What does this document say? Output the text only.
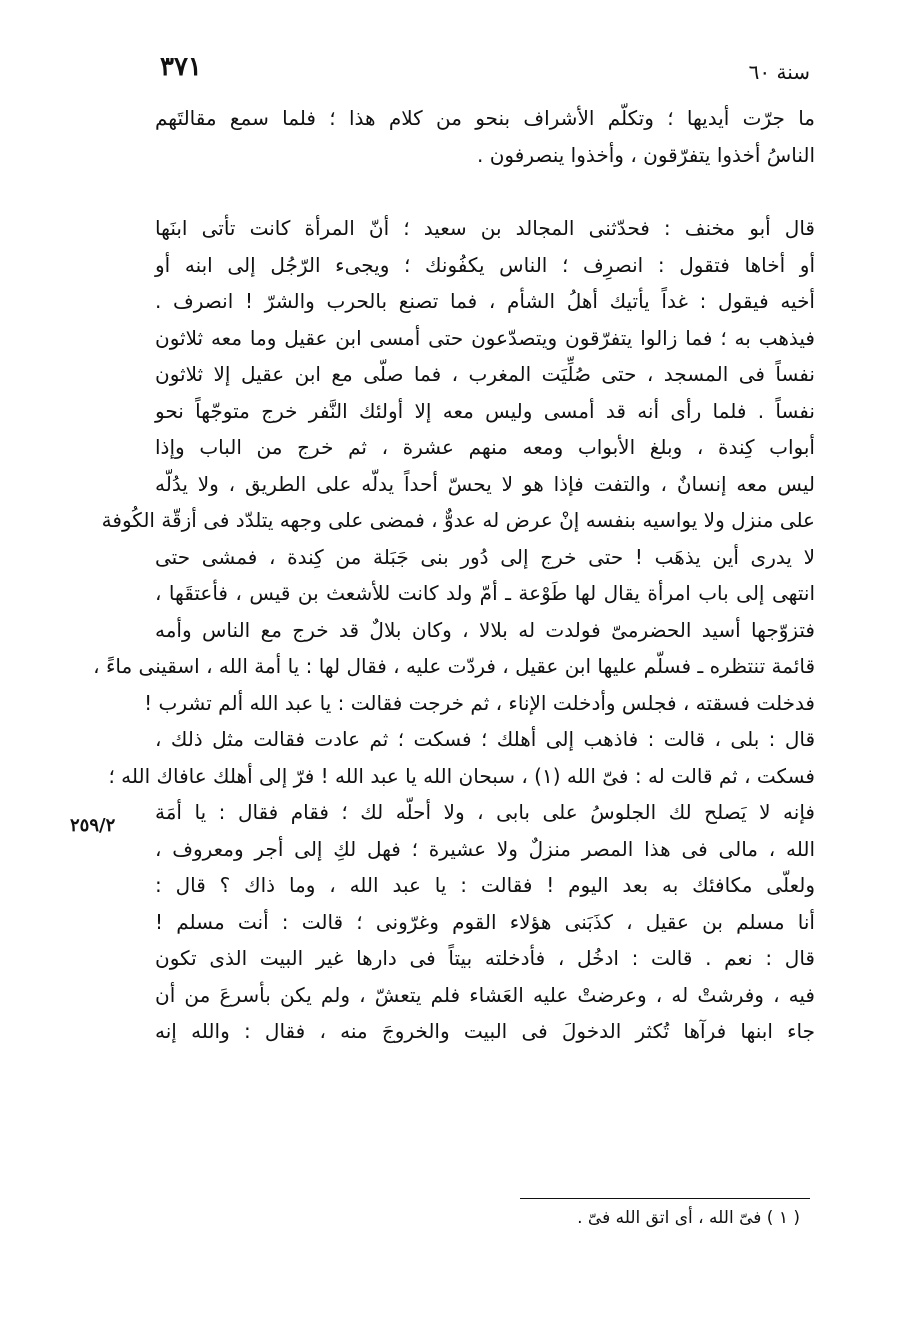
سنة ٦٠
٣٧١
ما جرّت أيديها ؛ وتكلّم الأشراف بنحو من كلام هذا ؛ فلما سمع مقالتَهم
الناسُ أخذوا يتفرّقون ، وأخذوا ينصرفون .
قال أبو مخنف : فحدّثنى المجالد بن سعيد ؛ أنّ المرأة كانت تأتى ابنَها
أو أخاها فتقول : انصرِف ؛ الناس يكفُونك ؛ ويجىء الرّجُل إلى ابنه أو
أخيه فيقول : غداً يأتيك أهلُ الشأم ، فما تصنع بالحرب والشرّ ! انصرف .
فيذهب به ؛ فما زالوا يتفرّقون ويتصدّعون حتى أمسى ابن عقيل وما معه ثلاثون
نفساً فى المسجد ، حتى صُلِّيَت المغرب ، فما صلّى مع ابن عقيل إلا ثلاثون
نفساً . فلما رأى أنه قد أمسى وليس معه إلا أولئك النَّفر خرج متوجّهاً نحو
أبواب كِندة ، وبلغ الأبواب ومعه منهم عشرة ، ثم خرج من الباب وإذا
ليس معه إنسانٌ ، والتفت فإذا هو لا يحسّ أحداً يدلّه على الطريق ، ولا يدُلّه
على منزل ولا يواسيه بنفسه إنْ عرض له عدوٌّ ، فمضى على وجهه يتلدّد فى أزقّة الكُوفة
لا يدرى أين يذهَب ! حتى خرج إلى دُور بنى جَبَلة من كِندة ، فمشى حتى
انتهى إلى باب امرأة يقال لها طَوْعة ـ أمّ ولد كانت للأشعث بن قيس ، فأعتقَها ،
فتزوّجها أسيد الحضرمىّ فولدت له بلالا ، وكان بلالٌ قد خرج مع الناس وأمه
قائمة تنتظره ـ فسلّم عليها ابن عقيل ، فردّت عليه ، فقال لها : يا أمة الله ، اسقينى ماءً ،
فدخلت فسقته ، فجلس وأدخلت الإناء ، ثم خرجت فقالت : يا عبد الله ألم تشرب !
قال : بلى ، قالت : فاذهب إلى أهلك ؛ فسكت ؛ ثم عادت فقالت مثل ذلك ،
فسكت ، ثم قالت له : فىّ الله (١) ، سبحان الله يا عبد الله ! فرّ إلى أهلك عافاك الله ؛
فإنه لا يَصلح لك الجلوسُ على بابى ، ولا أحلّه لك ؛ فقام فقال : يا أمَة
الله ، مالى فى هذا المصر منزلٌ ولا عشيرة ؛ فهل لكِ إلى أجر ومعروف ،
ولعلّى مكافئك به بعد اليوم ! فقالت : يا عبد الله ، وما ذاك ؟ قال :
أنا مسلم بن عقيل ، كذَبَنى هؤلاء القوم وغرّونى ؛ قالت : أنت مسلم !
قال : نعم . قالت : ادخُل ، فأدخلته بيتاً فى دارها غير البيت الذى تكون
فيه ، وفرشتْ له ، وعرضتْ عليه العَشاء فلم يتعشّ ، ولم يكن بأسرعَ من أن
جاء ابنها فرآها تُكثر الدخولَ فى البيت والخروجَ منه ، فقال : والله إنه
٢٥٩/٢
( ١ ) فىّ الله ، أى اتق الله فىّ .
